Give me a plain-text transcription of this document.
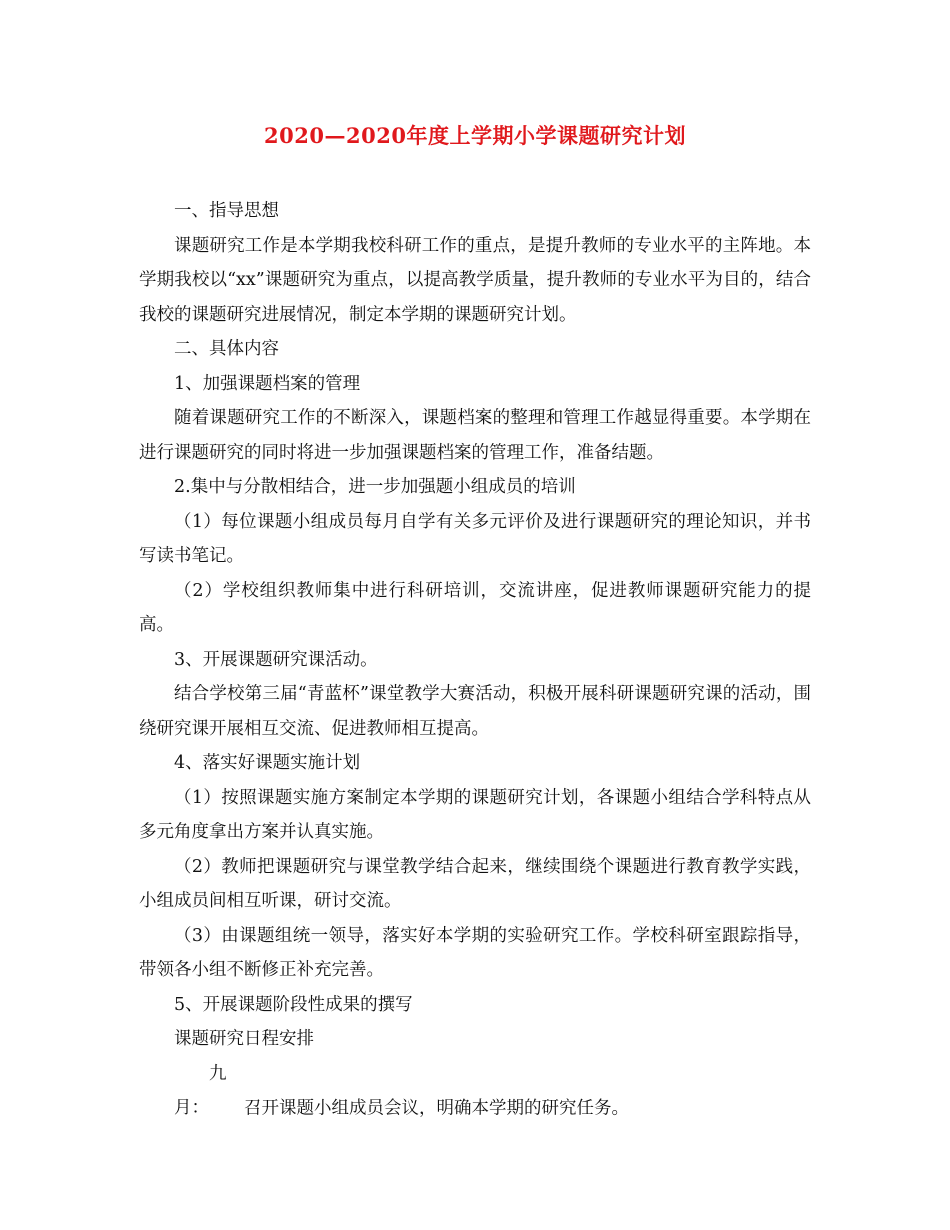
2020—2020年度上学期小学课题研究计划

一、指导思想

课题研究工作是本学期我校科研工作的重点，是提升教师的专业水平的主阵地。本学期我校以“xx”课题研究为重点，以提高教学质量，提升教师的专业水平为目的，结合我校的课题研究进展情况，制定本学期的课题研究计划。

二、具体内容

1、加强课题档案的管理

随着课题研究工作的不断深入，课题档案的整理和管理工作越显得重要。本学期在进行课题研究的同时将进一步加强课题档案的管理工作，准备结题。

2.集中与分散相结合，进一步加强题小组成员的培训

（1）每位课题小组成员每月自学有关多元评价及进行课题研究的理论知识，并书写读书笔记。

（2）学校组织教师集中进行科研培训，交流讲座，促进教师课题研究能力的提高。

3、开展课题研究课活动。

结合学校第三届“青蓝杯”课堂教学大赛活动，积极开展科研课题研究课的活动，围绕研究课开展相互交流、促进教师相互提高。

4、落实好课题实施计划

（1）按照课题实施方案制定本学期的课题研究计划，各课题小组结合学科特点从多元角度拿出方案并认真实施。

（2）教师把课题研究与课堂教学结合起来，继续围绕个课题进行教育教学实践，小组成员间相互听课，研讨交流。

（3）由课题组统一领导，落实好本学期的实验研究工作。学校科研室跟踪指导，带领各小组不断修正补充完善。

5、开展课题阶段性成果的撰写

课题研究日程安排

九月： 召开课题小组成员会议，明确本学期的研究任务。
